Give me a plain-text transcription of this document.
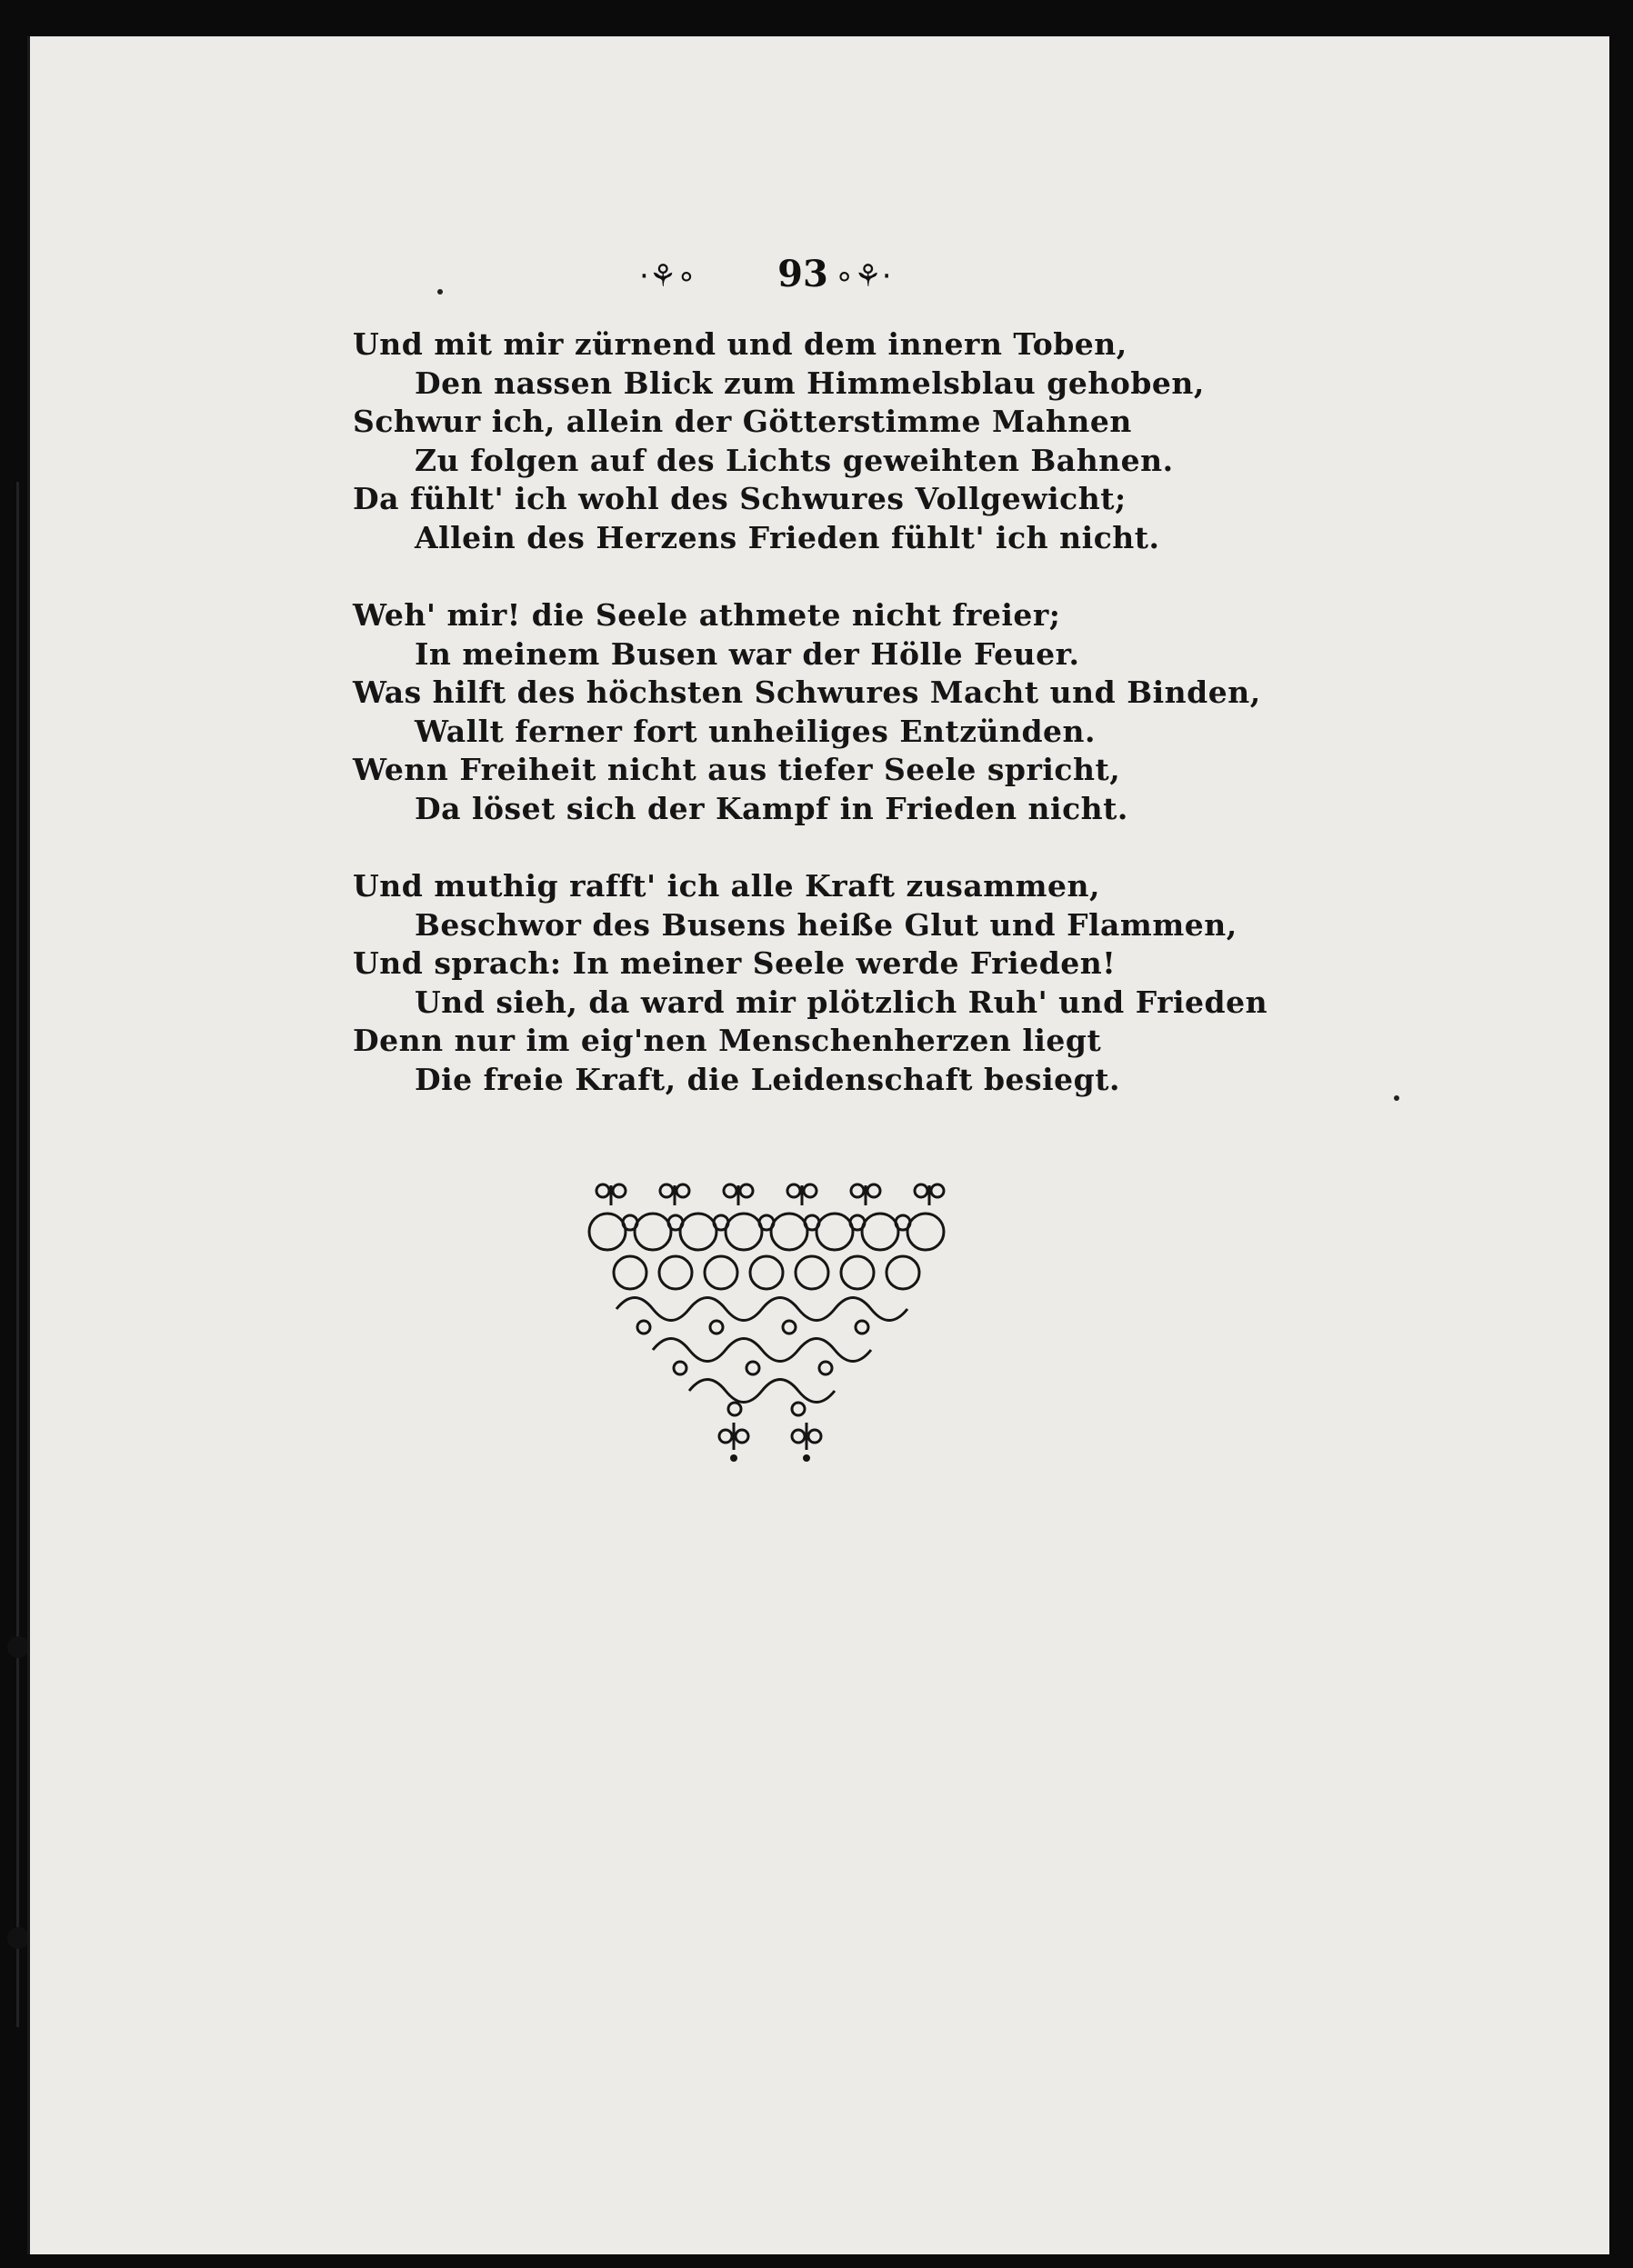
·⚘∘	93 ∘⚘·
Und mit mir zürnend und dem innern Toben,
Den nassen Blick zum Himmelsblau gehoben,
Schwur ich, allein der Götterstimme Mahnen
Zu folgen auf des Lichts geweihten Bahnen.
Da fühlt' ich wohl des Schwures Vollgewicht;
Allein des Herzens Frieden fühlt' ich nicht.
Weh' mir! die Seele athmete nicht freier;
In meinem Busen war der Hölle Feuer.
Was hilft des höchsten Schwures Macht und Binden,
Wallt ferner fort unheiliges Entzünden.
Wenn Freiheit nicht aus tiefer Seele spricht,
Da löset sich der Kampf in Frieden nicht.
Und muthig rafft' ich alle Kraft zusammen,
Beschwor des Busens heiße Glut und Flammen,
Und sprach: In meiner Seele werde Frieden!
Und sieh, da ward mir plötzlich Ruh' und Frieden
Denn nur im eig'nen Menschenherzen liegt
Die freie Kraft, die Leidenschaft besiegt.
